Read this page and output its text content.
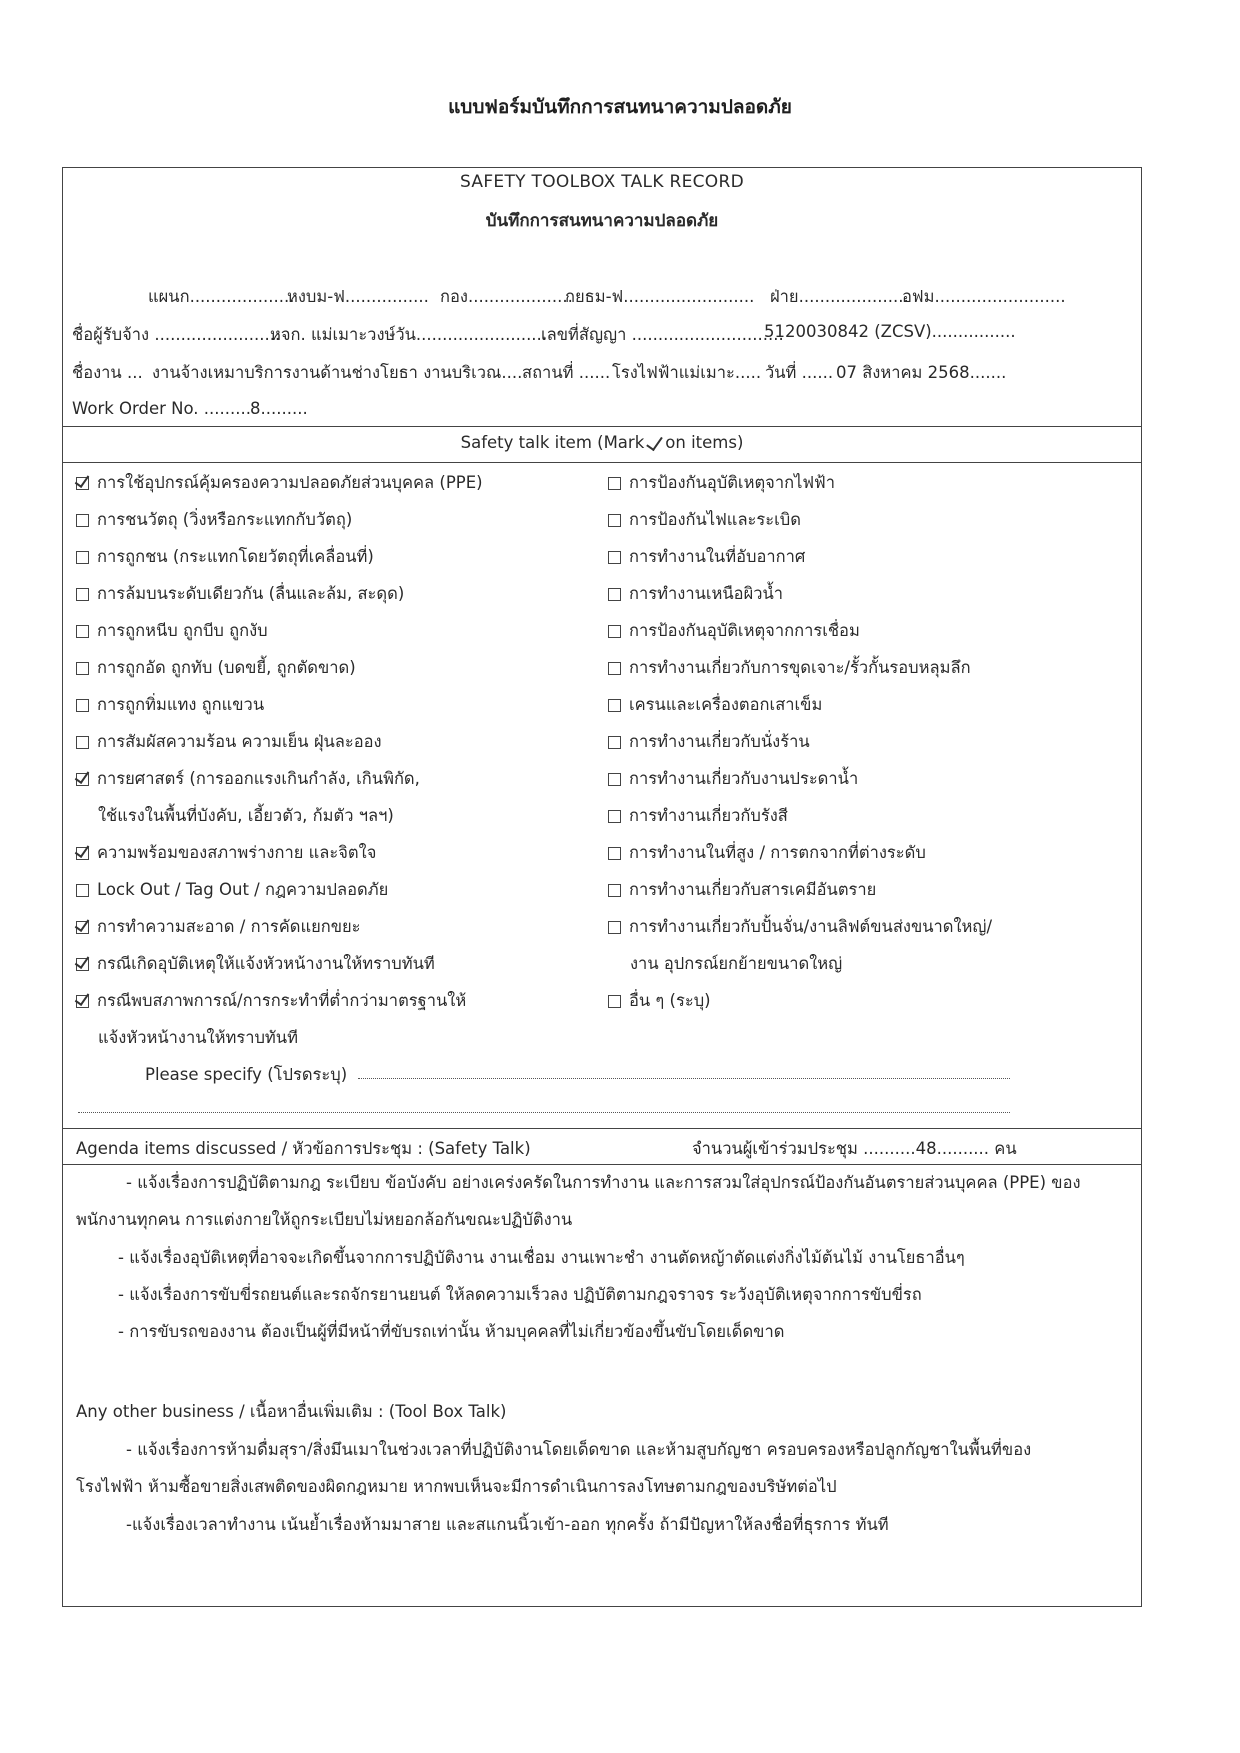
แบบฟอร์มบันทึกการสนทนาความปลอดภัย
SAFETY TOOLBOX TALK RECORD
บันทึกการสนทนาความปลอดภัย
แผนก....................
หงบม-ฟ................ กอง....................
กยธม-ฟ......................... ฝ่าย.....................
อฟม.........................
ชื่อผู้รับจ้าง ........................
หจก. แม่เมาะวงษ์วัน.........................
เลขที่สัญญา .............................
5120030842 (ZCSV)................
ชื่องาน ... งานจ้างเหมาบริการงานด้านช่างโยธา งานบริเวณ.... สถานที่ ...... โรงไฟฟ้าแม่เมาะ..... วันที่ ...... 07 สิงหาคม 2568.......
Work Order No. .........
8.........
Safety talk item (Mark on items)
การใช้อุปกรณ์คุ้มครองความปลอดภัยส่วนบุคคล (PPE)
การชนวัตถุ (วิ่งหรือกระแทกกับวัตถุ)
การถูกชน (กระแทกโดยวัตถุที่เคลื่อนที่)
การล้มบนระดับเดียวกัน (ลื่นและล้ม, สะดุด)
การถูกหนีบ ถูกบีบ ถูกงับ
การถูกอัด ถูกทับ (บดขยี้, ถูกตัดขาด)
การถูกทิ่มแทง ถูกแขวน
การสัมผัสความร้อน ความเย็น ฝุ่นละออง
การยศาสตร์ (การออกแรงเกินกำลัง, เกินพิกัด,
ใช้แรงในพื้นที่บังคับ, เอี้ยวตัว, ก้มตัว ฯลฯ)
ความพร้อมของสภาพร่างกาย และจิตใจ
Lock Out / Tag Out / กฎความปลอดภัย
การทำความสะอาด / การคัดแยกขยะ
กรณีเกิดอุบัติเหตุให้แจ้งหัวหน้างานให้ทราบทันที
กรณีพบสภาพการณ์/การกระทำที่ต่ำกว่ามาตรฐานให้
แจ้งหัวหน้างานให้ทราบทันที
การป้องกันอุบัติเหตุจากไฟฟ้า
การป้องกันไฟและระเบิด
การทำงานในที่อับอากาศ
การทำงานเหนือผิวน้ำ
การป้องกันอุบัติเหตุจากการเชื่อม
การทำงานเกี่ยวกับการขุดเจาะ/รั้วกั้นรอบหลุมลึก
เครนและเครื่องตอกเสาเข็ม
การทำงานเกี่ยวกับนั่งร้าน
การทำงานเกี่ยวกับงานประดาน้ำ
การทำงานเกี่ยวกับรังสี
การทำงานในที่สูง / การตกจากที่ต่างระดับ
การทำงานเกี่ยวกับสารเคมีอันตราย
การทำงานเกี่ยวกับปั้นจั่น/งานลิฟต์ขนส่งขนาดใหญ่/
งาน อุปกรณ์ยกย้ายขนาดใหญ่
อื่น ๆ (ระบุ)
Please specify (โปรดระบุ)
Agenda items discussed / หัวข้อการประชุม : (Safety Talk)	จำนวนผู้เข้าร่วมประชุม ..........48.......... คน
- แจ้งเรื่องการปฏิบัติตามกฎ ระเบียบ ข้อบังคับ อย่างเคร่งครัดในการทำงาน และการสวมใส่อุปกรณ์ป้องกันอันตรายส่วนบุคคล (PPE) ของ
พนักงานทุกคน การแต่งกายให้ถูกระเบียบไม่หยอกล้อกันขณะปฏิบัติงาน
- แจ้งเรื่องอุบัติเหตุที่อาจจะเกิดขึ้นจากการปฏิบัติงาน งานเชื่อม งานเพาะชำ งานตัดหญ้าตัดแต่งกิ่งไม้ต้นไม้ งานโยธาอื่นๆ
- แจ้งเรื่องการขับขี่รถยนต์และรถจักรยานยนต์ ให้ลดความเร็วลง ปฏิบัติตามกฎจราจร ระวังอุบัติเหตุจากการขับขี่รถ
- การขับรถของงาน ต้องเป็นผู้ที่มีหน้าที่ขับรถเท่านั้น ห้ามบุคคลที่ไม่เกี่ยวข้องขึ้นขับโดยเด็ดขาด
Any other business / เนื้อหาอื่นเพิ่มเติม : (Tool Box Talk)
- แจ้งเรื่องการห้ามดื่มสุรา/สิ่งมึนเมาในช่วงเวลาที่ปฏิบัติงานโดยเด็ดขาด และห้ามสูบกัญชา ครอบครองหรือปลูกกัญชาในพื้นที่ของ
โรงไฟฟ้า ห้ามซื้อขายสิ่งเสพติดของผิดกฎหมาย หากพบเห็นจะมีการดำเนินการลงโทษตามกฎของบริษัทต่อไป
-แจ้งเรื่องเวลาทำงาน เน้นย้ำเรื่องห้ามมาสาย และสแกนนิ้วเข้า-ออก ทุกครั้ง ถ้ามีปัญหาให้ลงชื่อที่ธุรการ ทันที
